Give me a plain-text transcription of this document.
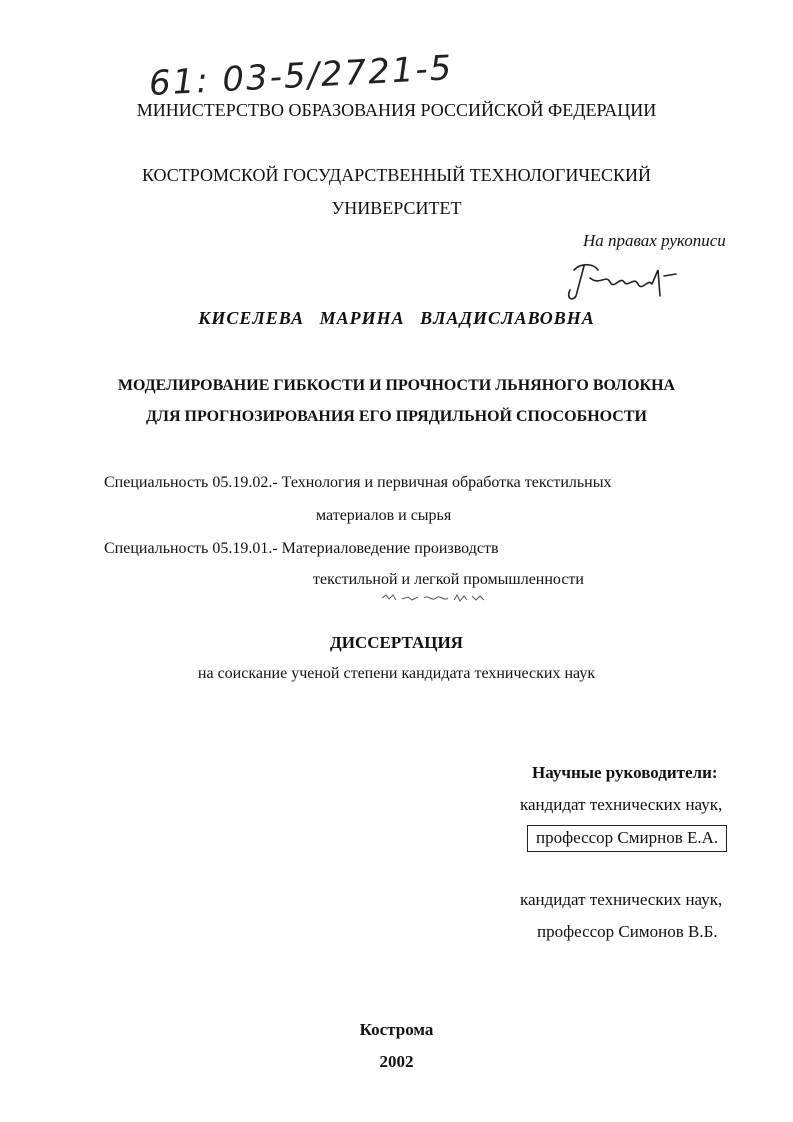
61: 03-5/2721-5
МИНИСТЕРСТВО ОБРАЗОВАНИЯ РОССИЙСКОЙ ФЕДЕРАЦИИ
КОСТРОМСКОЙ ГОСУДАРСТВЕННЫЙ ТЕХНОЛОГИЧЕСКИЙ
УНИВЕРСИТЕТ
На правах рукописи
КИСЕЛЕВА МАРИНА ВЛАДИСЛАВОВНА
МОДЕЛИРОВАНИЕ ГИБКОСТИ И ПРОЧНОСТИ ЛЬНЯНОГО ВОЛОКНА
ДЛЯ ПРОГНОЗИРОВАНИЯ ЕГО ПРЯДИЛЬНОЙ СПОСОБНОСТИ
Специальность 05.19.02.- Технология и первичная обработка текстильных
материалов и сырья
Специальность 05.19.01.- Материаловедение производств
текстильной и легкой промышленности
ДИССЕРТАЦИЯ
на соискание ученой степени кандидата технических наук
Научные руководители:
кандидат технических наук,
профессор Смирнов Е.А.
кандидат технических наук,
профессор Симонов В.Б.
Кострома
2002
